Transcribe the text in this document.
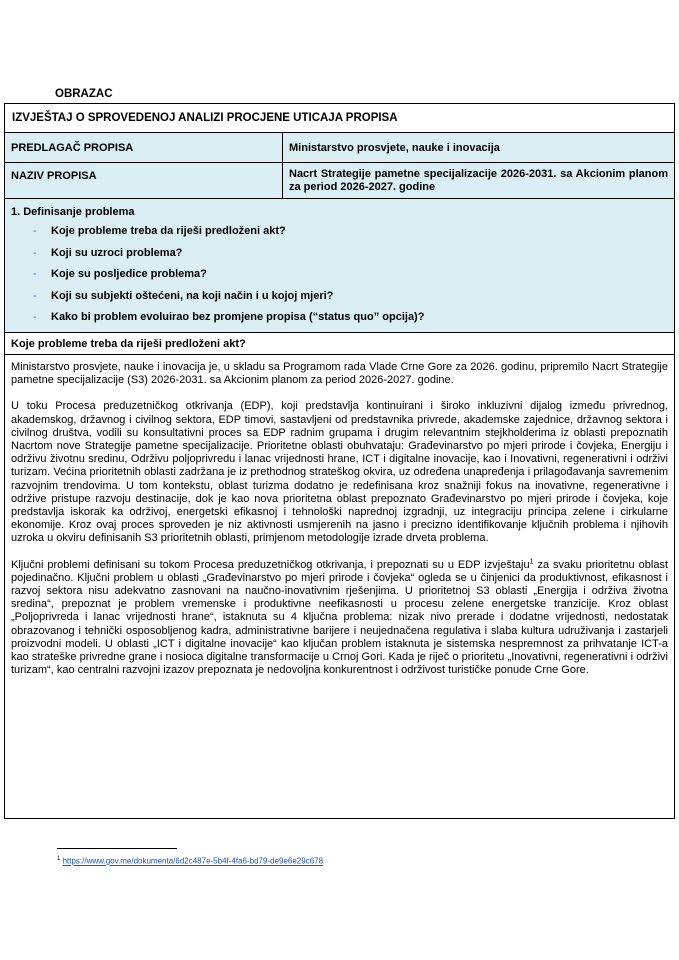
OBRAZAC
IZVJEŠTAJ O SPROVEDENOJ ANALIZI PROCJENE UTICAJA PROPISA
PREDLAGAČ PROPISA	Ministarstvo prosvjete, nauke i inovacija
NAZIV PROPISA	Nacrt Strategije pametne specijalizacije 2026-2031. sa Akcionim planom za period 2026-2027. godine
1. Definisanje problema
- Koje probleme treba da riješi predloženi akt?
- Koji su uzroci problema?
- Koje su posljedice problema?
- Koji su subjekti oštećeni, na koji način i u kojoj mjeri?
- Kako bi problem evoluirao bez promjene propisa (“status quo” opcija)?
Koje probleme treba da riješi predloženi akt?

Ministarstvo prosvjete, nauke i inovacija je, u skladu sa Programom rada Vlade Crne Gore za 2026. godinu, pripremilo Nacrt Strategije pametne specijalizacije (S3) 2026-2031. sa Akcionim planom za period 2026-2027. godine.

U toku Procesa preduzetničkog otkrivanja (EDP), koji predstavlja kontinuirani i široko inkluzivni dijalog između privrednog, akademskog, državnog i civilnog sektora, EDP timovi, sastavljeni od predstavnika privrede, akademske zajednice, državnog sektora i civilnog društva, vodili su konsultativni proces sa EDP radnim grupama i drugim relevantnim stejkholderima iz oblasti prepoznatih Nacrtom nove Strategije pametne specijalizacije. Prioritetne oblasti obuhvataju: Građevinarstvo po mjeri prirode i čovjeka, Energiju i održivu životnu sredinu, Održivu poljoprivredu i lanac vrijednosti hrane, ICT i digitalne inovacije, kao i Inovativni, regenerativni i održivi turizam. Većina prioritetnih oblasti zadržana je iz prethodnog strateškog okvira, uz određena unapređenja i prilagođavanja savremenim razvojnim trendovima. U tom kontekstu, oblast turizma dodatno je redefinisana kroz snažniji fokus na inovativne, regenerativne i održive pristupe razvoju destinacije, dok je kao nova prioritetna oblast prepoznato Građevinarstvo po mjeri prirode i čovjeka, koje predstavlja iskorak ka održivoj, energetski efikasnoj i tehnološki naprednoj izgradnji, uz integraciju principa zelene i cirkularne ekonomije. Kroz ovaj proces sproveden je niz aktivnosti usmjerenih na jasno i precizno identifikovanje ključnih problema i njihovih uzroka u okviru definisanih S3 prioritetnih oblasti, primjenom metodologije izrade drveta problema.

Ključni problemi definisani su tokom Procesa preduzetničkog otkrivanja, i prepoznati su u EDP izvještaju$^1$ za svaku prioritetnu oblast pojedinačno. Ključni problem u oblasti „Građevinarstvo po mjeri prirode i čovjeka“ ogleda se u činjenici da produktivnost, efikasnost i razvoj sektora nisu adekvatno zasnovani na naučno-inovativnim rješenjima. U prioritetnoj S3 oblasti „Energija i održiva životna sredina“, prepoznat je problem vremenske i produktivne neefikasnosti u procesu zelene energetske tranzicije. Kroz oblast „Poljoprivreda i lanac vrijednosti hrane“, istaknuta su 4 ključna problema: nizak nivo prerade i dodatne vrijednosti, nedostatak obrazovanog i tehnički osposobljenog kadra, administrativne barijere i neujednačena regulativa i slaba kultura udruživanja i zastarjeli proizvodni modeli. U oblasti „ICT i digitalne inovacije“ kao ključan problem istaknuta je sistemska nespremnost za prihvatanje ICT-a kao strateške privredne grane i nosioca digitalne transformacije u Crnoj Gori. Kada je riječ o prioritetu „Inovativni, regenerativni i održivi turizam“, kao centralni razvojni izazov prepoznata je nedovoljna konkurentnost i održivost turističke ponude Crne Gore.

$^1$ https://www.gov.me/dokumenta/6d2c487e-5b4f-4fa6-bd79-de9e6e29c678
